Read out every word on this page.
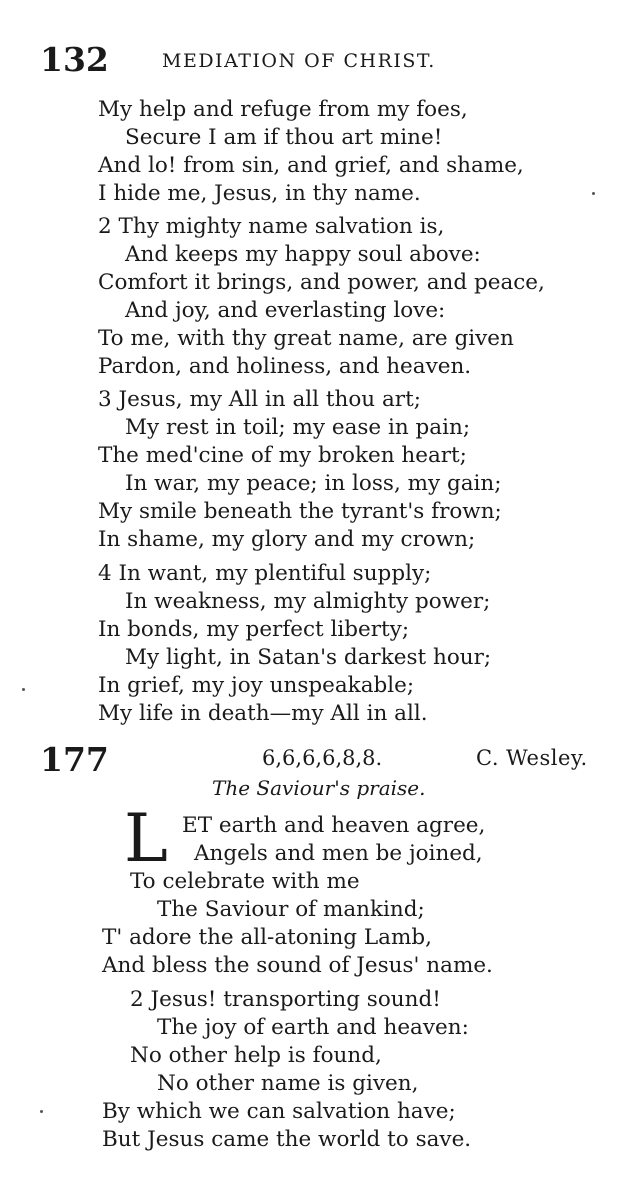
132	MEDIATION OF CHRIST.
My help and refuge from my foes,
Secure I am if thou art mine!
And lo! from sin, and grief, and shame,
I hide me, Jesus, in thy name.
2 Thy mighty name salvation is,
And keeps my happy soul above:
Comfort it brings, and power, and peace,
And joy, and everlasting love:
To me, with thy great name, are given
Pardon, and holiness, and heaven.
3 Jesus, my All in all thou art;
My rest in toil; my ease in pain;
The med'cine of my broken heart;
In war, my peace; in loss, my gain;
My smile beneath the tyrant's frown;
In shame, my glory and my crown;
4 In want, my plentiful supply;
In weakness, my almighty power;
In bonds, my perfect liberty;
My light, in Satan's darkest hour;
In grief, my joy unspeakable;
My life in death—my All in all.
177	6,6,6,6,8,8.	C. Wesley.
The Saviour's praise.
L ET earth and heaven agree,
Angels and men be joined,
To celebrate with me
The Saviour of mankind;
T' adore the all-atoning Lamb,
And bless the sound of Jesus' name.
2 Jesus! transporting sound!
The joy of earth and heaven:
No other help is found,
No other name is given,
By which we can salvation have;
But Jesus came the world to save.
